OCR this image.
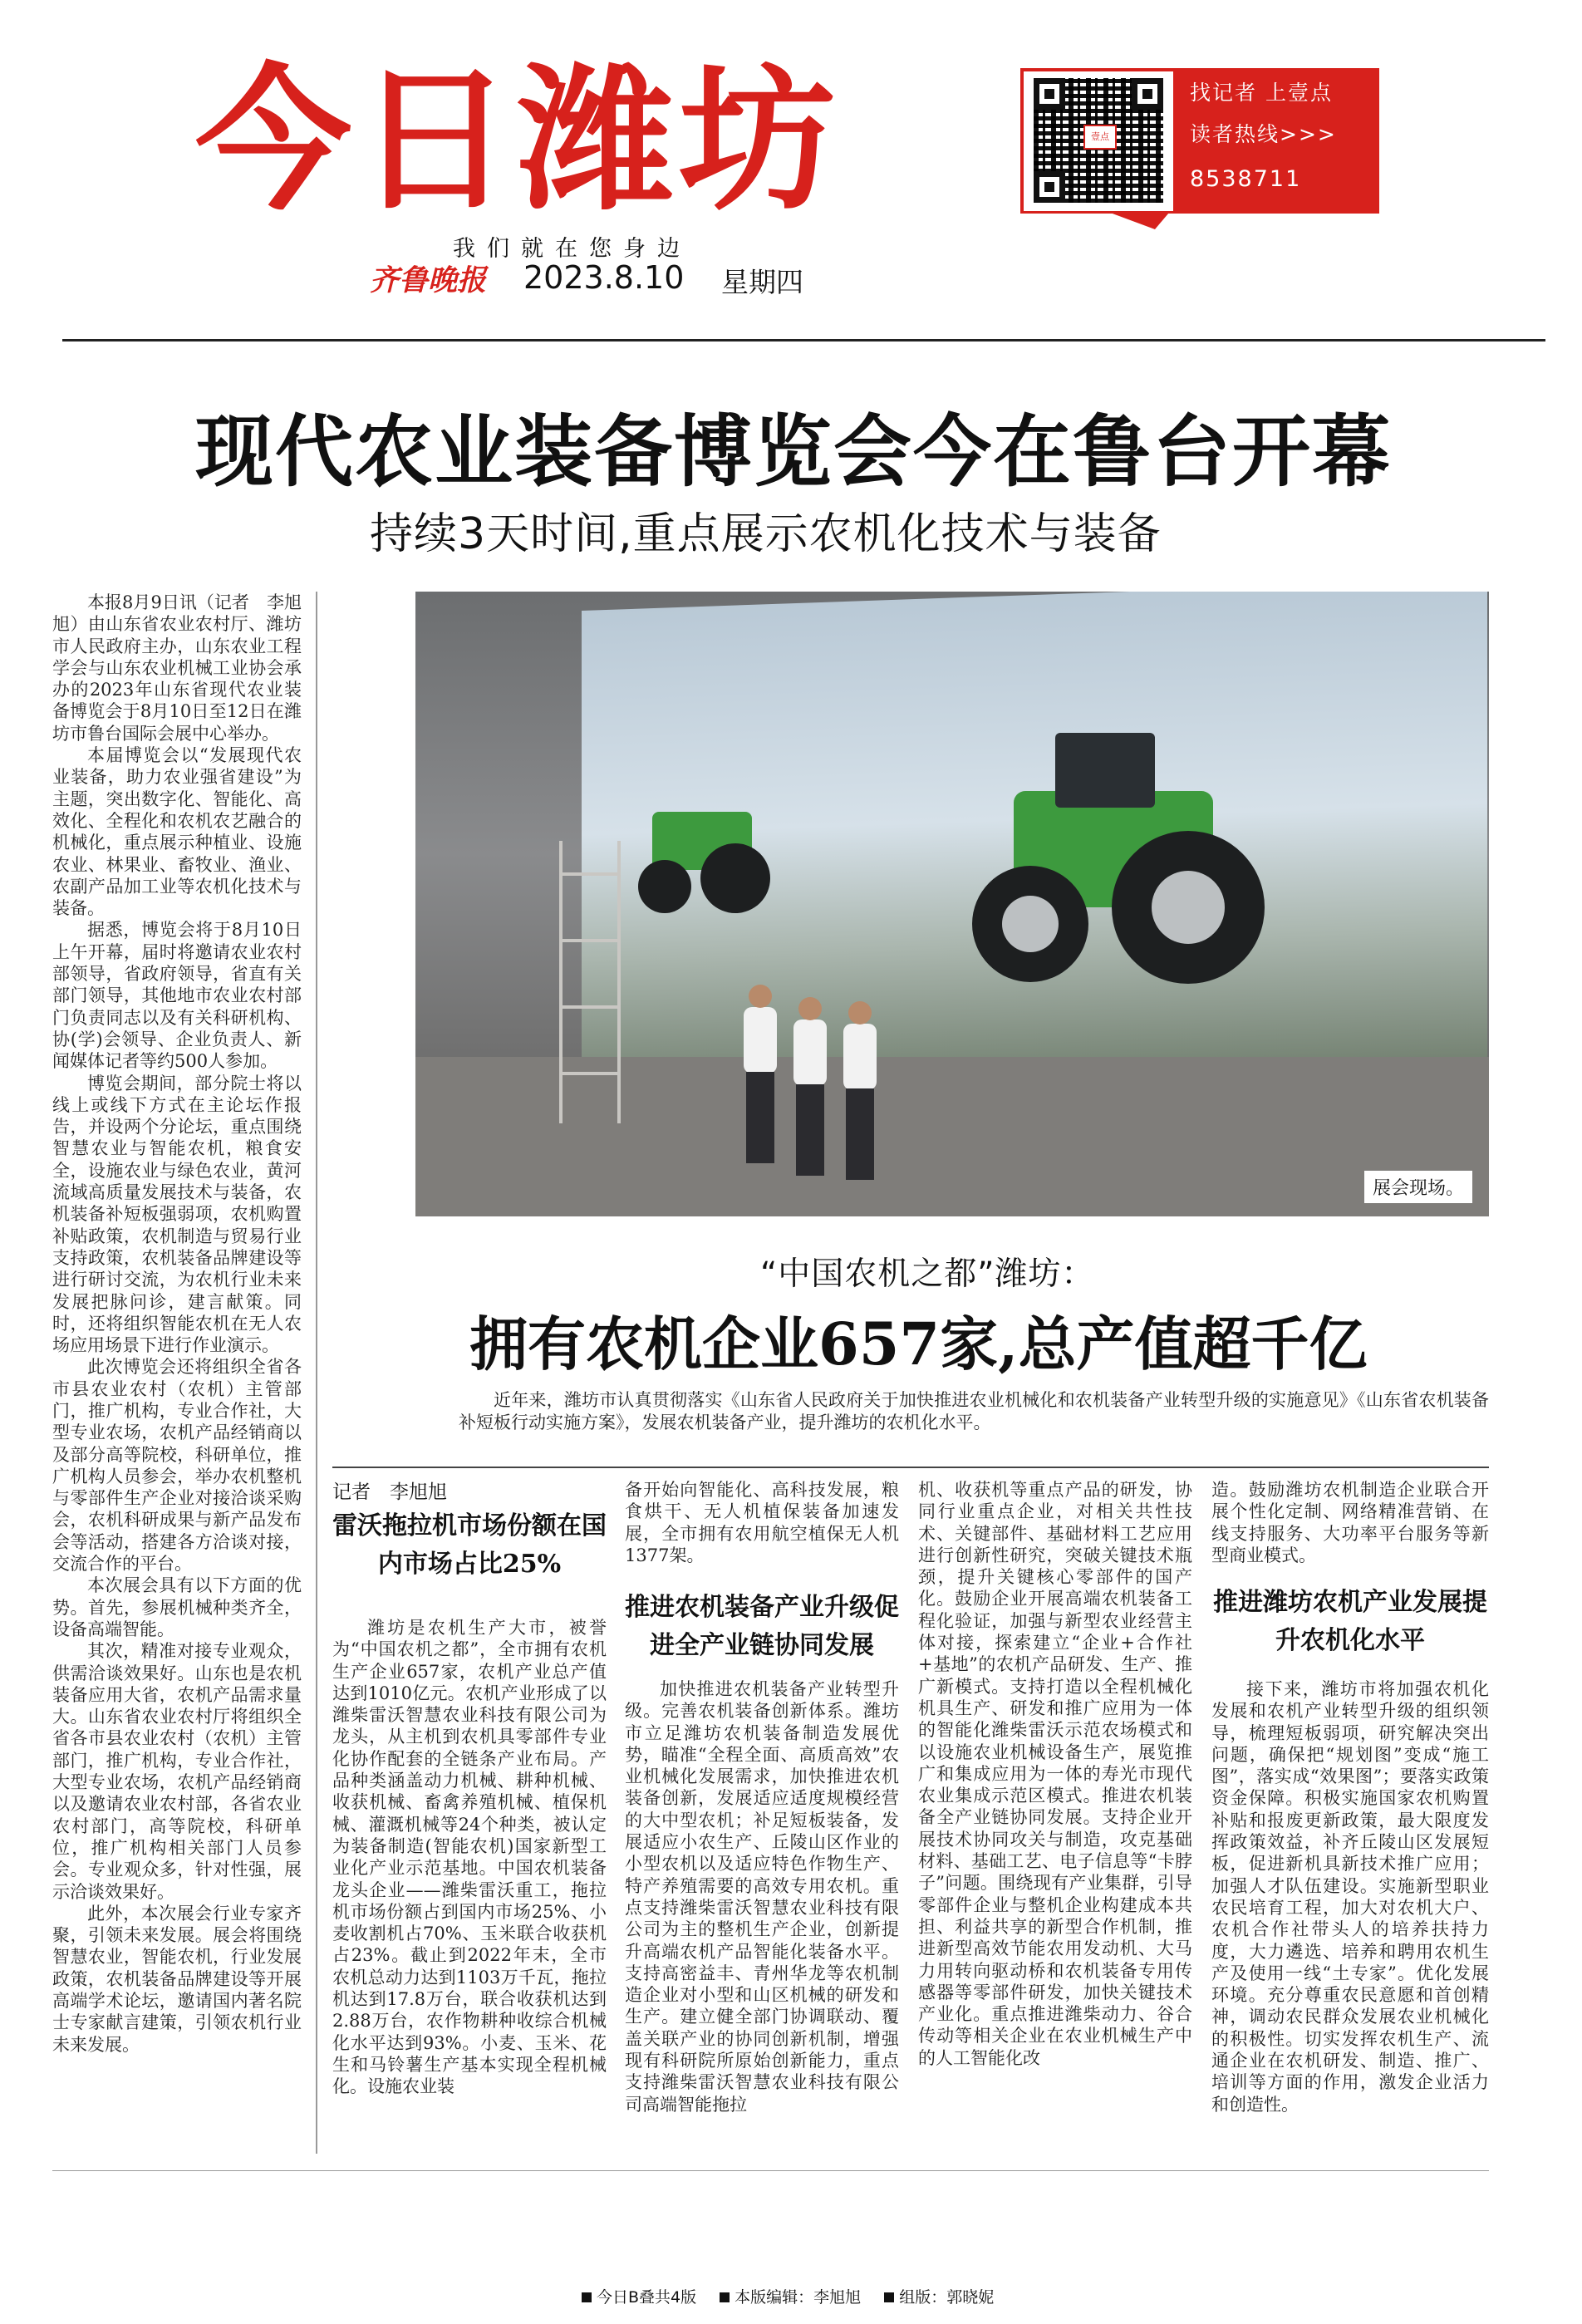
今日潍坊
我们就在您身边
齐鲁晚报 2023.8.10 星期四
壹点
找记者 上壹点
读者热线>>>
8538711
现代农业装备博览会今在鲁台开幕
持续3天时间,重点展示农机化技术与装备

本报8月9日讯（记者　李旭旭）由山东省农业农村厅、潍坊市人民政府主办，山东农业工程学会与山东农业机械工业协会承办的2023年山东省现代农业装备博览会于8月10日至12日在潍坊市鲁台国际会展中心举办。

本届博览会以“发展现代农业装备，助力农业强省建设”为主题，突出数字化、智能化、高效化、全程化和农机农艺融合的机械化，重点展示种植业、设施农业、林果业、畜牧业、渔业、农副产品加工业等农机化技术与装备。

据悉，博览会将于8月10日上午开幕，届时将邀请农业农村部领导，省政府领导，省直有关部门领导，其他地市农业农村部门负责同志以及有关科研机构、协(学)会领导、企业负责人、新闻媒体记者等约500人参加。

博览会期间，部分院士将以线上或线下方式在主论坛作报告，并设两个分论坛，重点围绕智慧农业与智能农机，粮食安全，设施农业与绿色农业，黄河流域高质量发展技术与装备，农机装备补短板强弱项，农机购置补贴政策，农机制造与贸易行业支持政策，农机装备品牌建设等进行研讨交流，为农机行业未来发展把脉问诊，建言献策。同时，还将组织智能农机在无人农场应用场景下进行作业演示。

此次博览会还将组织全省各市县农业农村（农机）主管部门，推广机构，专业合作社，大型专业农场，农机产品经销商以及部分高等院校，科研单位，推广机构人员参会，举办农机整机与零部件生产企业对接洽谈采购会，农机科研成果与新产品发布会等活动，搭建各方洽谈对接，交流合作的平台。

本次展会具有以下方面的优势。首先，参展机械种类齐全，设备高端智能。

其次，精准对接专业观众，供需洽谈效果好。山东也是农机装备应用大省，农机产品需求量大。山东省农业农村厅将组织全省各市县农业农村（农机）主管部门，推广机构，专业合作社，大型专业农场，农机产品经销商以及邀请农业农村部，各省农业农村部门，高等院校，科研单位，推广机构相关部门人员参会。专业观众多，针对性强，展示洽谈效果好。

此外，本次展会行业专家齐聚，引领未来发展。展会将围绕智慧农业，智能农机，行业发展政策，农机装备品牌建设等开展高端学术论坛，邀请国内著名院士专家献言建策，引领农机行业未来发展。

展会现场。
“中国农机之都”潍坊：
拥有农机企业657家,总产值超千亿
近年来，潍坊市认真贯彻落实《山东省人民政府关于加快推进农业机械化和农机装备产业转型升级的实施意见》《山东省农机装备补短板行动实施方案》，发展农机装备产业，提升潍坊的农机化水平。
记者　李旭旭
雷沃拖拉机市场份额在国内市场占比25%

潍坊是农机生产大市，被誉为“中国农机之都”，全市拥有农机生产企业657家，农机产业总产值达到1010亿元。农机产业形成了以潍柴雷沃智慧农业科技有限公司为龙头，从主机到农机具零部件专业化协作配套的全链条产业布局。产品种类涵盖动力机械、耕种机械、收获机械、畜禽养殖机械、植保机械、灌溉机械等24个种类，被认定为装备制造(智能农机)国家新型工业化产业示范基地。中国农机装备龙头企业——潍柴雷沃重工，拖拉机市场份额占到国内市场25%、小麦收割机占70%、玉米联合收获机占23%。截止到2022年末，全市农机总动力达到1103万千瓦，拖拉机达到17.8万台，联合收获机达到2.88万台，农作物耕种收综合机械化水平达到93%。小麦、玉米、花生和马铃薯生产基本实现全程机械化。设施农业装

备开始向智能化、高科技发展，粮食烘干、无人机植保装备加速发展，全市拥有农用航空植保无人机1377架。

推进农机装备产业升级促进全产业链协同发展

加快推进农机装备产业转型升级。完善农机装备创新体系。潍坊市立足潍坊农机装备制造发展优势，瞄准“全程全面、高质高效”农业机械化发展需求，加快推进农机装备创新，发展适应适度规模经营的大中型农机；补足短板装备，发展适应小农生产、丘陵山区作业的小型农机以及适应特色作物生产、特产养殖需要的高效专用农机。重点支持潍柴雷沃智慧农业科技有限公司为主的整机生产企业，创新提升高端农机产品智能化装备水平。支持高密益丰、青州华龙等农机制造企业对小型和山区机械的研发和生产。建立健全部门协调联动、覆盖关联产业的协同创新机制，增强现有科研院所原始创新能力，重点支持潍柴雷沃智慧农业科技有限公司高端智能拖拉

机、收获机等重点产品的研发，协同行业重点企业，对相关共性技术、关键部件、基础材料工艺应用进行创新性研究，突破关键技术瓶颈，提升关键核心零部件的国产化。鼓励企业开展高端农机装备工程化验证，加强与新型农业经营主体对接，探索建立“企业+合作社+基地”的农机产品研发、生产、推广新模式。支持打造以全程机械化机具生产、研发和推广应用为一体的智能化潍柴雷沃示范农场模式和以设施农业机械设备生产，展览推广和集成应用为一体的寿光市现代农业集成示范区模式。推进农机装备全产业链协同发展。支持企业开展技术协同攻关与制造，攻克基础材料、基础工艺、电子信息等“卡脖子”问题。围绕现有产业集群，引导零部件企业与整机企业构建成本共担、利益共享的新型合作机制，推进新型高效节能农用发动机、大马力用转向驱动桥和农机装备专用传感器等零部件研发，加快关键技术产业化。重点推进潍柴动力、谷合传动等相关企业在农业机械生产中的人工智能化改

造。鼓励潍坊农机制造企业联合开展个性化定制、网络精准营销、在线支持服务、大功率平台服务等新型商业模式。

推进潍坊农机产业发展提升农机化水平

接下来，潍坊市将加强农机化发展和农机产业转型升级的组织领导，梳理短板弱项，研究解决突出问题，确保把“规划图”变成“施工图”，落实成“效果图”；要落实政策资金保障。积极实施国家农机购置补贴和报废更新政策，最大限度发挥政策效益，补齐丘陵山区发展短板，促进新机具新技术推广应用；加强人才队伍建设。实施新型职业农民培育工程，加大对农机大户、农机合作社带头人的培养扶持力度，大力遴选、培养和聘用农机生产及使用一线“土专家”。优化发展环境。充分尊重农民意愿和首创精神，调动农民群众发展农业机械化的积极性。切实发挥农机生产、流通企业在农机研发、制造、推广、培训等方面的作用，激发企业活力和创造性。

今日B叠共4版 本版编辑：李旭旭 组版：郭晓妮
